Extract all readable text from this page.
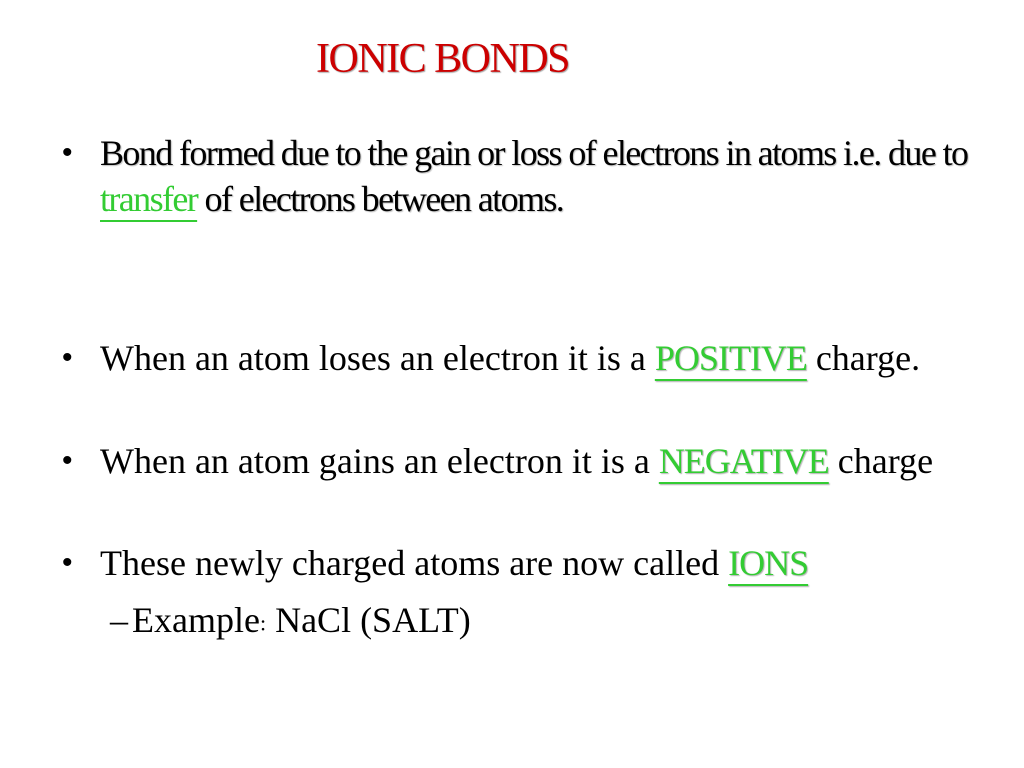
IONIC BONDS
• Bond formed due to the gain or loss of electrons in atoms i.e. due to transfer of electrons between atoms.
• When an atom loses an electron it is a POSITIVE charge.
• When an atom gains an electron it is a NEGATIVE charge
• These newly charged atoms are now called IONS
– Example: NaCl (SALT)
